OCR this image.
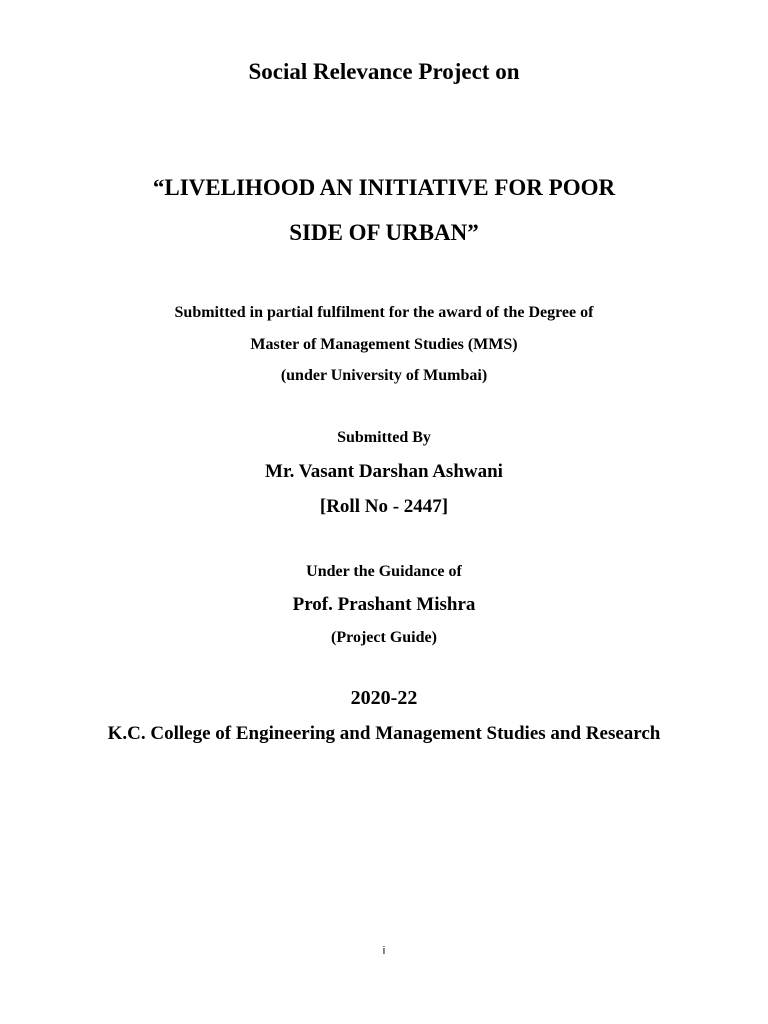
Social Relevance Project on
“LIVELIHOOD AN INITIATIVE FOR POOR
SIDE OF URBAN”
Submitted in partial fulfilment for the award of the Degree of
Master of Management Studies (MMS)
(under University of Mumbai)
Submitted By
Mr. Vasant Darshan Ashwani
[Roll No - 2447]
Under the Guidance of
Prof. Prashant Mishra
(Project Guide)
2020-22
K.C. College of Engineering and Management Studies and Research
i
